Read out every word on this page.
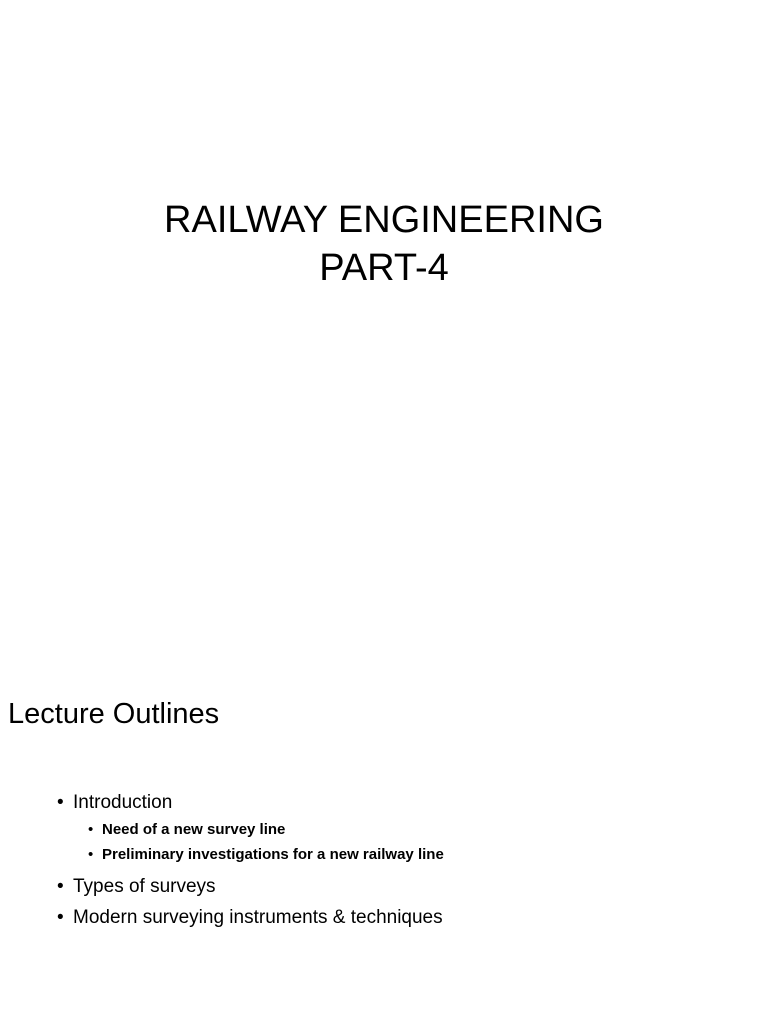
RAILWAY ENGINEERING
PART-4
Lecture Outlines
• Introduction
• Need of a new survey line
• Preliminary investigations for a new railway line
• Types of surveys
• Modern surveying instruments & techniques
